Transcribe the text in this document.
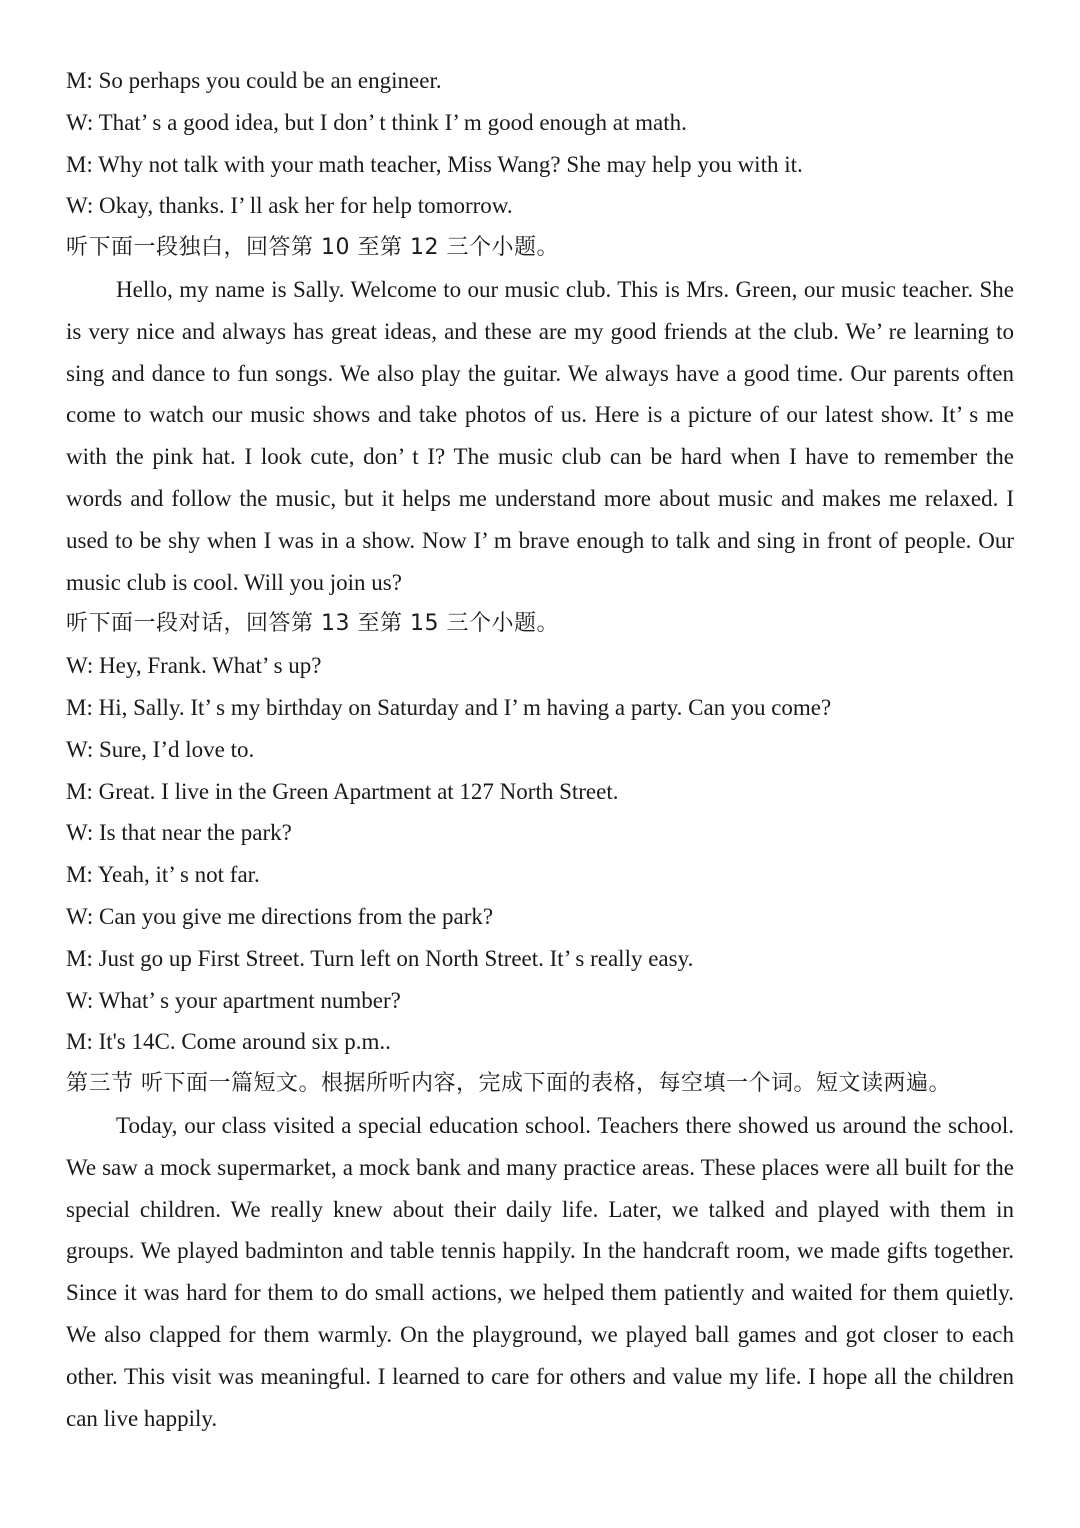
M: So perhaps you could be an engineer.

W: That’ s a good idea, but I don’ t think I’ m good enough at math.

M: Why not talk with your math teacher, Miss Wang? She may help you with it.

W: Okay, thanks. I’ ll ask her for help tomorrow.

听下面一段独白，回答第 10 至第 12 三个小题。

Hello, my name is Sally. Welcome to our music club. This is Mrs. Green, our music teacher. She is very nice and always has great ideas, and these are my good friends at the club. We’ re learning to sing and dance to fun songs. We also play the guitar. We always have a good time. Our parents often come to watch our music shows and take photos of us. Here is a picture of our latest show. It’ s me with the pink hat. I look cute, don’ t I? The music club can be hard when I have to remember the words and follow the music, but it helps me understand more about music and makes me relaxed. I used to be shy when I was in a show. Now I’ m brave enough to talk and sing in front of people. Our music club is cool. Will you join us?

听下面一段对话，回答第 13 至第 15 三个小题。

W: Hey, Frank. What’ s up?

M: Hi, Sally. It’ s my birthday on Saturday and I’ m having a party. Can you come?

W: Sure, I’d love to.

M: Great. I live in the Green Apartment at 127 North Street.

W: Is that near the park?

M: Yeah, it’ s not far.

W: Can you give me directions from the park?

M: Just go up First Street. Turn left on North Street. It’ s really easy.

W: What’ s your apartment number?

M: It's 14C. Come around six p.m..

第三节 听下面一篇短文。根据所听内容，完成下面的表格，每空填一个词。短文读两遍。

Today, our class visited a special education school. Teachers there showed us around the school. We saw a mock supermarket, a mock bank and many practice areas. These places were all built for the special children. We really knew about their daily life. Later, we talked and played with them in groups. We played badminton and table tennis happily. In the handcraft room, we made gifts together. Since it was hard for them to do small actions, we helped them patiently and waited for them quietly. We also clapped for them warmly. On the playground, we played ball games and got closer to each other. This visit was meaningful. I learned to care for others and value my life. I hope all the children can live happily.
